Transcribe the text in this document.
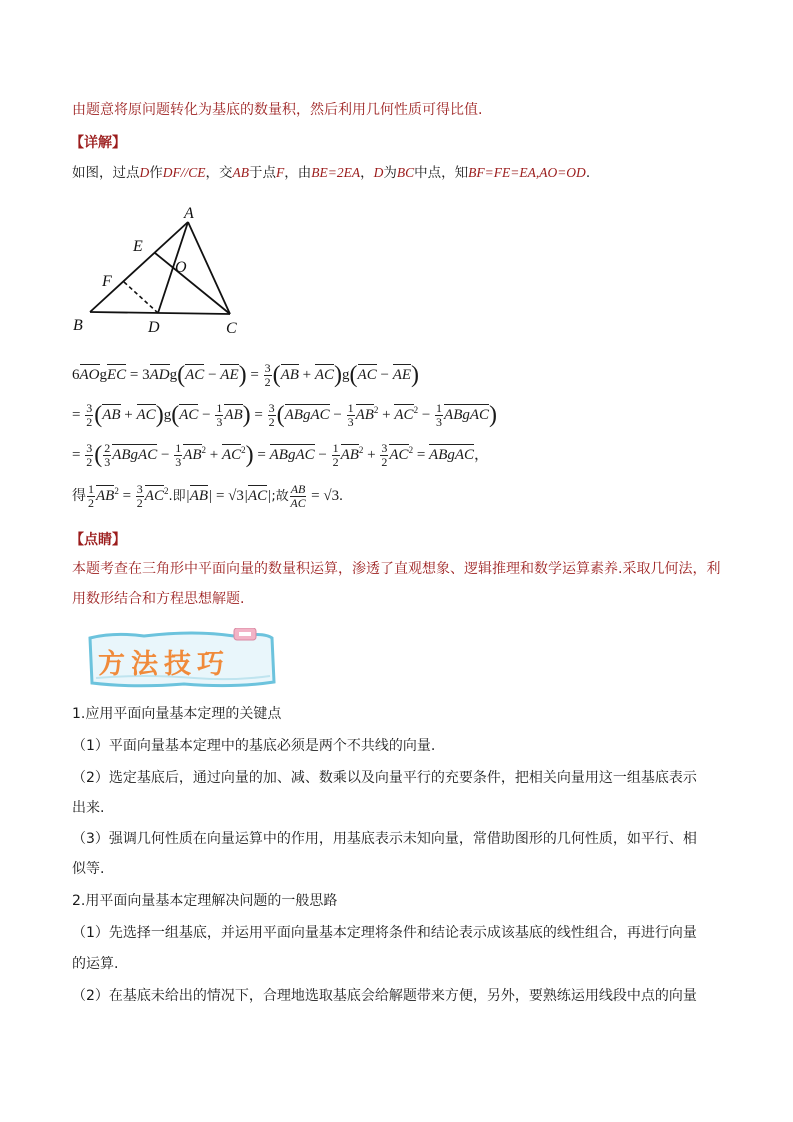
由题意将原问题转化为基底的数量积，然后利用几何性质可得比值.
【详解】
如图，过点D作DF//CE，交AB于点F，由BE=2EA，D为BC中点，知BF=FE=EA,AO=OD.
A
E
O
F
B	D	C
6AOgEC = $3ADg(AC - AE) = \frac{3}{2} (AB + AC)g(AC - AE)$
= $\frac{3}{2} (AB + AC)g(AC - \frac{1}{3} AB) = \frac{3}{2}$ (ABgAC − $\frac{1}{3} AB^2 + AC^2 - \frac{1}{3}$ ABgAC)
= $\frac{3}{2}$ ( $\frac{2}{3}$ ABgAC − $\frac{1}{3} AB^2 + AC^2$) = ABgAC − $\frac{1}{2} AB^2 + \frac{3}{2} AC^2$ = ABgAC，
得 $\frac{1}{2} AB^2 = \frac{3}{2} AC^2$.即|AB| = √3|AC|;故 $\frac{AB}{AC} = √3$.
【点睛】
本题考查在三角形中平面向量的数量积运算，渗透了直观想象、逻辑推理和数学运算素养.采取几何法，利
用数形结合和方程思想解题.
方法技巧
1.应用平面向量基本定理的关键点
（1）平面向量基本定理中的基底必须是两个不共线的向量.
（2）选定基底后，通过向量的加、减、数乘以及向量平行的充要条件，把相关向量用这一组基底表示
出来.
（3）强调几何性质在向量运算中的作用，用基底表示未知向量，常借助图形的几何性质，如平行、相
似等.
2.用平面向量基本定理解决问题的一般思路
（1）先选择一组基底，并运用平面向量基本定理将条件和结论表示成该基底的线性组合，再进行向量
的运算.
（2）在基底未给出的情况下，合理地选取基底会给解题带来方便，另外，要熟练运用线段中点的向量
